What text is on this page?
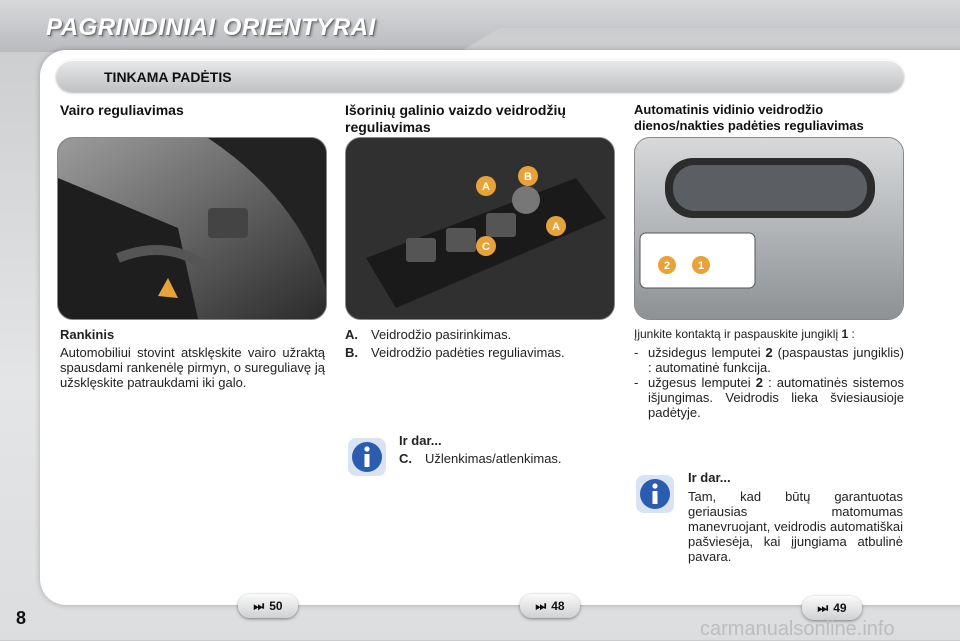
PAGRINDINIAI ORIENTYRAI
TINKAMA PADĖTIS
Vairo reguliavimas
Rankinis
Automobiliui stovint atsklęskite vairo užraktą spausdami rankenėlę pirmyn, o sureguliavę ją užsklęskite patraukdami iki galo.
Išorinių galinio vaizdo veidrodžių reguliavimas
A
B
A
C
A.	Veidrodžio pasirinkimas.
B.	Veidrodžio padėties reguliavimas.
Ir dar...
C.	Užlenkimas/atlenkimas.
Automatinis vidinio veidrodžio dienos/nakties padėties reguliavimas
2	1
Įjunkite kontaktą ir paspauskite jungiklį 1 :
- užsidegus lemputei 2 (paspaustas jungiklis) : automatinė funkcija.
- užgesus lemputei 2 : automatinės sistemos išjungimas. Veidrodis lieka šviesiausioje padėtyje.
Ir dar...
Tam, kad būtų garantuotas geriausias matomumas manevruojant, veidrodis automatiškai pašviesėja, kai įjungiama atbulinė pavara.
⏭ 50	⏭ 48	⏭ 49
8	carmanualsonline.info
